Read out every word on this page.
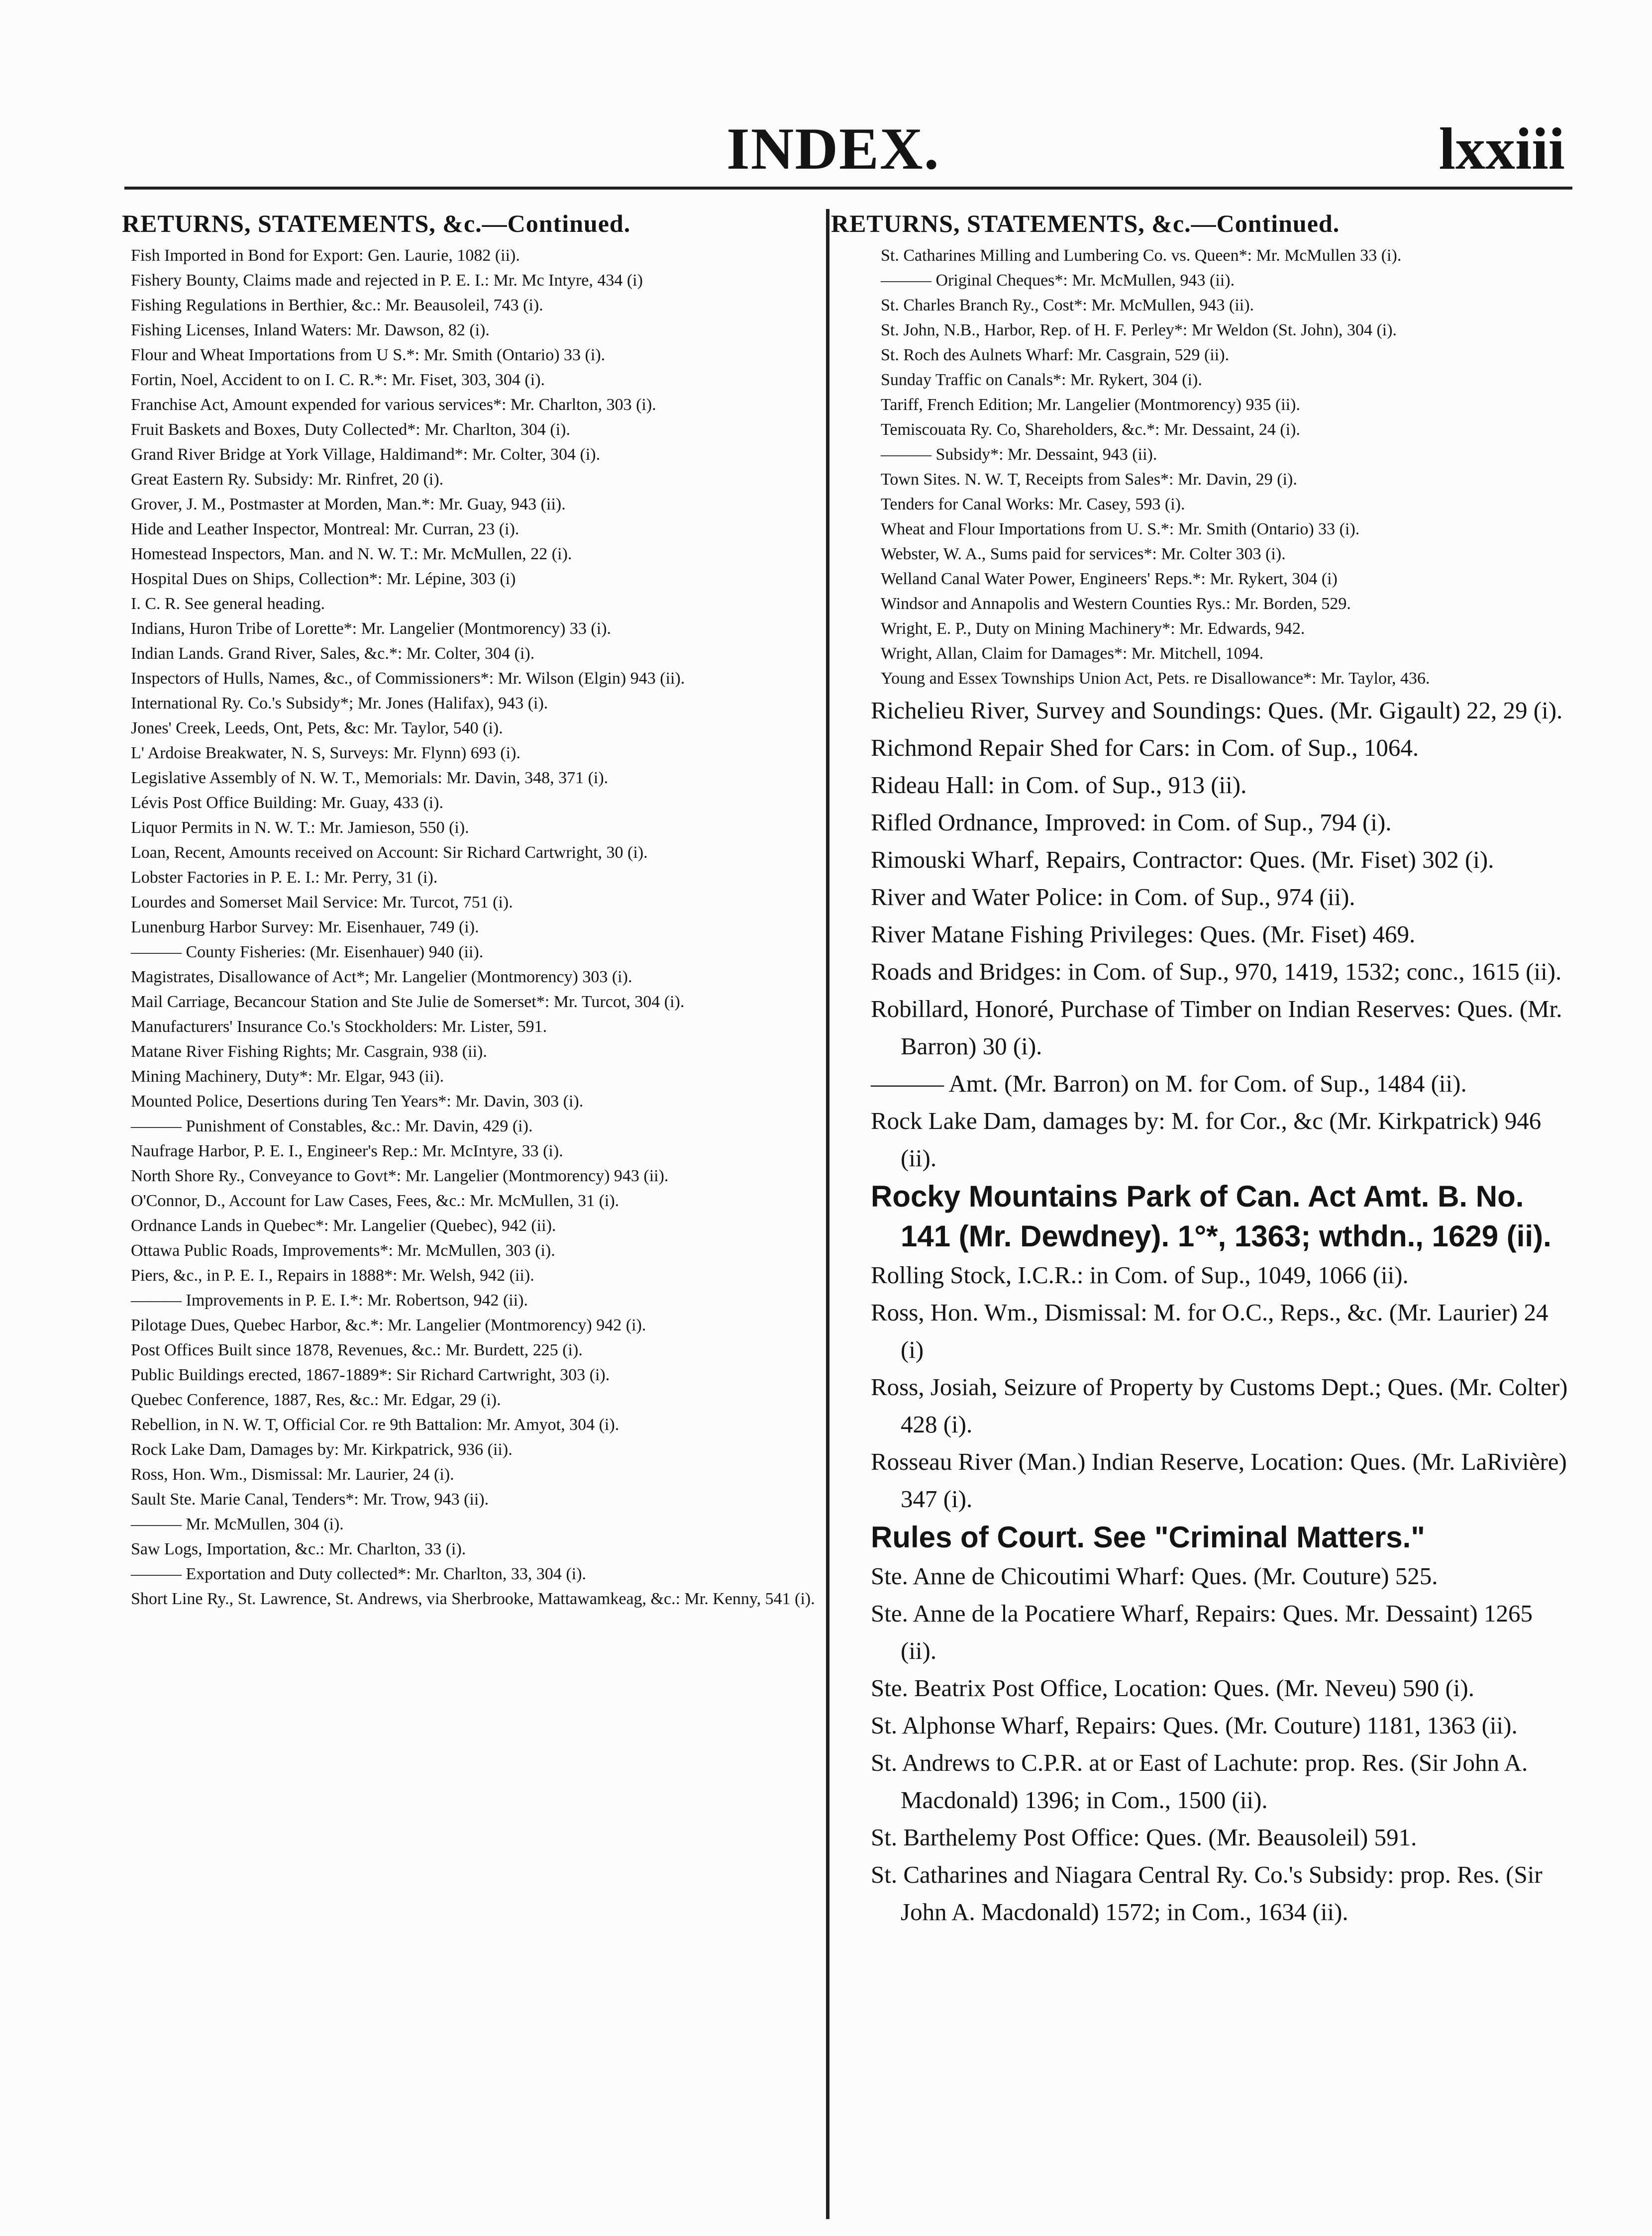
INDEX.	lxxiii
RETURNS, STATEMENTS, &c.—Continued.
Fish Imported in Bond for Export: Gen. Laurie, 1082 (ii).
Fishery Bounty, Claims made and rejected in P. E. I.: Mr. Mc Intyre, 434 (i)
Fishing Regulations in Berthier, &c.: Mr. Beausoleil, 743 (i).
Fishing Licenses, Inland Waters: Mr. Dawson, 82 (i).
Flour and Wheat Importations from U S.*: Mr. Smith (Ontario) 33 (i).
Fortin, Noel, Accident to on I. C. R.*: Mr. Fiset, 303, 304 (i).
Franchise Act, Amount expended for various services*: Mr. Charlton, 303 (i).
Fruit Baskets and Boxes, Duty Collected*: Mr. Charlton, 304 (i).
Grand River Bridge at York Village, Haldimand*: Mr. Colter, 304 (i).
Great Eastern Ry. Subsidy: Mr. Rinfret, 20 (i).
Grover, J. M., Postmaster at Morden, Man.*: Mr. Guay, 943 (ii).
Hide and Leather Inspector, Montreal: Mr. Curran, 23 (i).
Homestead Inspectors, Man. and N. W. T.: Mr. McMullen, 22 (i).
Hospital Dues on Ships, Collection*: Mr. Lépine, 303 (i)
I. C. R. See general heading.
Indians, Huron Tribe of Lorette*: Mr. Langelier (Montmorency) 33 (i).
Indian Lands. Grand River, Sales, &c.*: Mr. Colter, 304 (i).
Inspectors of Hulls, Names, &c., of Commissioners*: Mr. Wilson (Elgin) 943 (ii).
International Ry. Co.'s Subsidy*; Mr. Jones (Halifax), 943 (i).
Jones' Creek, Leeds, Ont, Pets, &c: Mr. Taylor, 540 (i).
L' Ardoise Breakwater, N. S, Surveys: Mr. Flynn) 693 (i).
Legislative Assembly of N. W. T., Memorials: Mr. Davin, 348, 371 (i).
Lévis Post Office Building: Mr. Guay, 433 (i).
Liquor Permits in N. W. T.: Mr. Jamieson, 550 (i).
Loan, Recent, Amounts received on Account: Sir Richard Cartwright, 30 (i).
Lobster Factories in P. E. I.: Mr. Perry, 31 (i).
Lourdes and Somerset Mail Service: Mr. Turcot, 751 (i).
Lunenburg Harbor Survey: Mr. Eisenhauer, 749 (i).
——— County Fisheries: (Mr. Eisenhauer) 940 (ii).
Magistrates, Disallowance of Act*; Mr. Langelier (Montmorency) 303 (i).
Mail Carriage, Becancour Station and Ste Julie de Somerset*: Mr. Turcot, 304 (i).
Manufacturers' Insurance Co.'s Stockholders: Mr. Lister, 591.
Matane River Fishing Rights; Mr. Casgrain, 938 (ii).
Mining Machinery, Duty*: Mr. Elgar, 943 (ii).
Mounted Police, Desertions during Ten Years*: Mr. Davin, 303 (i).
——— Punishment of Constables, &c.: Mr. Davin, 429 (i).
Naufrage Harbor, P. E. I., Engineer's Rep.: Mr. McIntyre, 33 (i).
North Shore Ry., Conveyance to Govt*: Mr. Langelier (Montmorency) 943 (ii).
O'Connor, D., Account for Law Cases, Fees, &c.: Mr. McMullen, 31 (i).
Ordnance Lands in Quebec*: Mr. Langelier (Quebec), 942 (ii).
Ottawa Public Roads, Improvements*: Mr. McMullen, 303 (i).
Piers, &c., in P. E. I., Repairs in 1888*: Mr. Welsh, 942 (ii).
——— Improvements in P. E. I.*: Mr. Robertson, 942 (ii).
Pilotage Dues, Quebec Harbor, &c.*: Mr. Langelier (Montmorency) 942 (i).
Post Offices Built since 1878, Revenues, &c.: Mr. Burdett, 225 (i).
Public Buildings erected, 1867-1889*: Sir Richard Cartwright, 303 (i).
Quebec Conference, 1887, Res, &c.: Mr. Edgar, 29 (i).
Rebellion, in N. W. T, Official Cor. re 9th Battalion: Mr. Amyot, 304 (i).
Rock Lake Dam, Damages by: Mr. Kirkpatrick, 936 (ii).
Ross, Hon. Wm., Dismissal: Mr. Laurier, 24 (i).
Sault Ste. Marie Canal, Tenders*: Mr. Trow, 943 (ii).
——— Mr. McMullen, 304 (i).
Saw Logs, Importation, &c.: Mr. Charlton, 33 (i).
——— Exportation and Duty collected*: Mr. Charlton, 33, 304 (i).
Short Line Ry., St. Lawrence, St. Andrews, via Sherbrooke, Mattawamkeag, &c.: Mr. Kenny, 541 (i).
RETURNS, STATEMENTS, &c.—Continued.
St. Catharines Milling and Lumbering Co. vs. Queen*: Mr. McMullen 33 (i).
——— Original Cheques*: Mr. McMullen, 943 (ii).
St. Charles Branch Ry., Cost*: Mr. McMullen, 943 (ii).
St. John, N.B., Harbor, Rep. of H. F. Perley*: Mr Weldon (St. John), 304 (i).
St. Roch des Aulnets Wharf: Mr. Casgrain, 529 (ii).
Sunday Traffic on Canals*: Mr. Rykert, 304 (i).
Tariff, French Edition; Mr. Langelier (Montmorency) 935 (ii).
Temiscouata Ry. Co, Shareholders, &c.*: Mr. Dessaint, 24 (i).
——— Subsidy*: Mr. Dessaint, 943 (ii).
Town Sites. N. W. T, Receipts from Sales*: Mr. Davin, 29 (i).
Tenders for Canal Works: Mr. Casey, 593 (i).
Wheat and Flour Importations from U. S.*: Mr. Smith (Ontario) 33 (i).
Webster, W. A., Sums paid for services*: Mr. Colter 303 (i).
Welland Canal Water Power, Engineers' Reps.*: Mr. Rykert, 304 (i)
Windsor and Annapolis and Western Counties Rys.: Mr. Borden, 529.
Wright, E. P., Duty on Mining Machinery*: Mr. Edwards, 942.
Wright, Allan, Claim for Damages*: Mr. Mitchell, 1094.
Young and Essex Townships Union Act, Pets. re Disallowance*: Mr. Taylor, 436.
Richelieu River, Survey and Soundings: Ques. (Mr. Gigault) 22, 29 (i).
Richmond Repair Shed for Cars: in Com. of Sup., 1064.
Rideau Hall: in Com. of Sup., 913 (ii).
Rifled Ordnance, Improved: in Com. of Sup., 794 (i).
Rimouski Wharf, Repairs, Contractor: Ques. (Mr. Fiset) 302 (i).
River and Water Police: in Com. of Sup., 974 (ii).
River Matane Fishing Privileges: Ques. (Mr. Fiset) 469.
Roads and Bridges: in Com. of Sup., 970, 1419, 1532; conc., 1615 (ii).
Robillard, Honoré, Purchase of Timber on Indian Reserves: Ques. (Mr. Barron) 30 (i).
——— Amt. (Mr. Barron) on M. for Com. of Sup., 1484 (ii).
Rock Lake Dam, damages by: M. for Cor., &c (Mr. Kirkpatrick) 946 (ii).
Rocky Mountains Park of Can. Act Amt. B. No. 141 (Mr. Dewdney). 1°*, 1363; wthdn., 1629 (ii).
Rolling Stock, I.C.R.: in Com. of Sup., 1049, 1066 (ii).
Ross, Hon. Wm., Dismissal: M. for O.C., Reps., &c. (Mr. Laurier) 24 (i)
Ross, Josiah, Seizure of Property by Customs Dept.; Ques. (Mr. Colter) 428 (i).
Rosseau River (Man.) Indian Reserve, Location: Ques. (Mr. LaRivière) 347 (i).
Rules of Court. See "Criminal Matters."
Ste. Anne de Chicoutimi Wharf: Ques. (Mr. Couture) 525.
Ste. Anne de la Pocatiere Wharf, Repairs: Ques. Mr. Dessaint) 1265 (ii).
Ste. Beatrix Post Office, Location: Ques. (Mr. Neveu) 590 (i).
St. Alphonse Wharf, Repairs: Ques. (Mr. Couture) 1181, 1363 (ii).
St. Andrews to C.P.R. at or East of Lachute: prop. Res. (Sir John A. Macdonald) 1396; in Com., 1500 (ii).
St. Barthelemy Post Office: Ques. (Mr. Beausoleil) 591.
St. Catharines and Niagara Central Ry. Co.'s Subsidy: prop. Res. (Sir John A. Macdonald) 1572; in Com., 1634 (ii).
